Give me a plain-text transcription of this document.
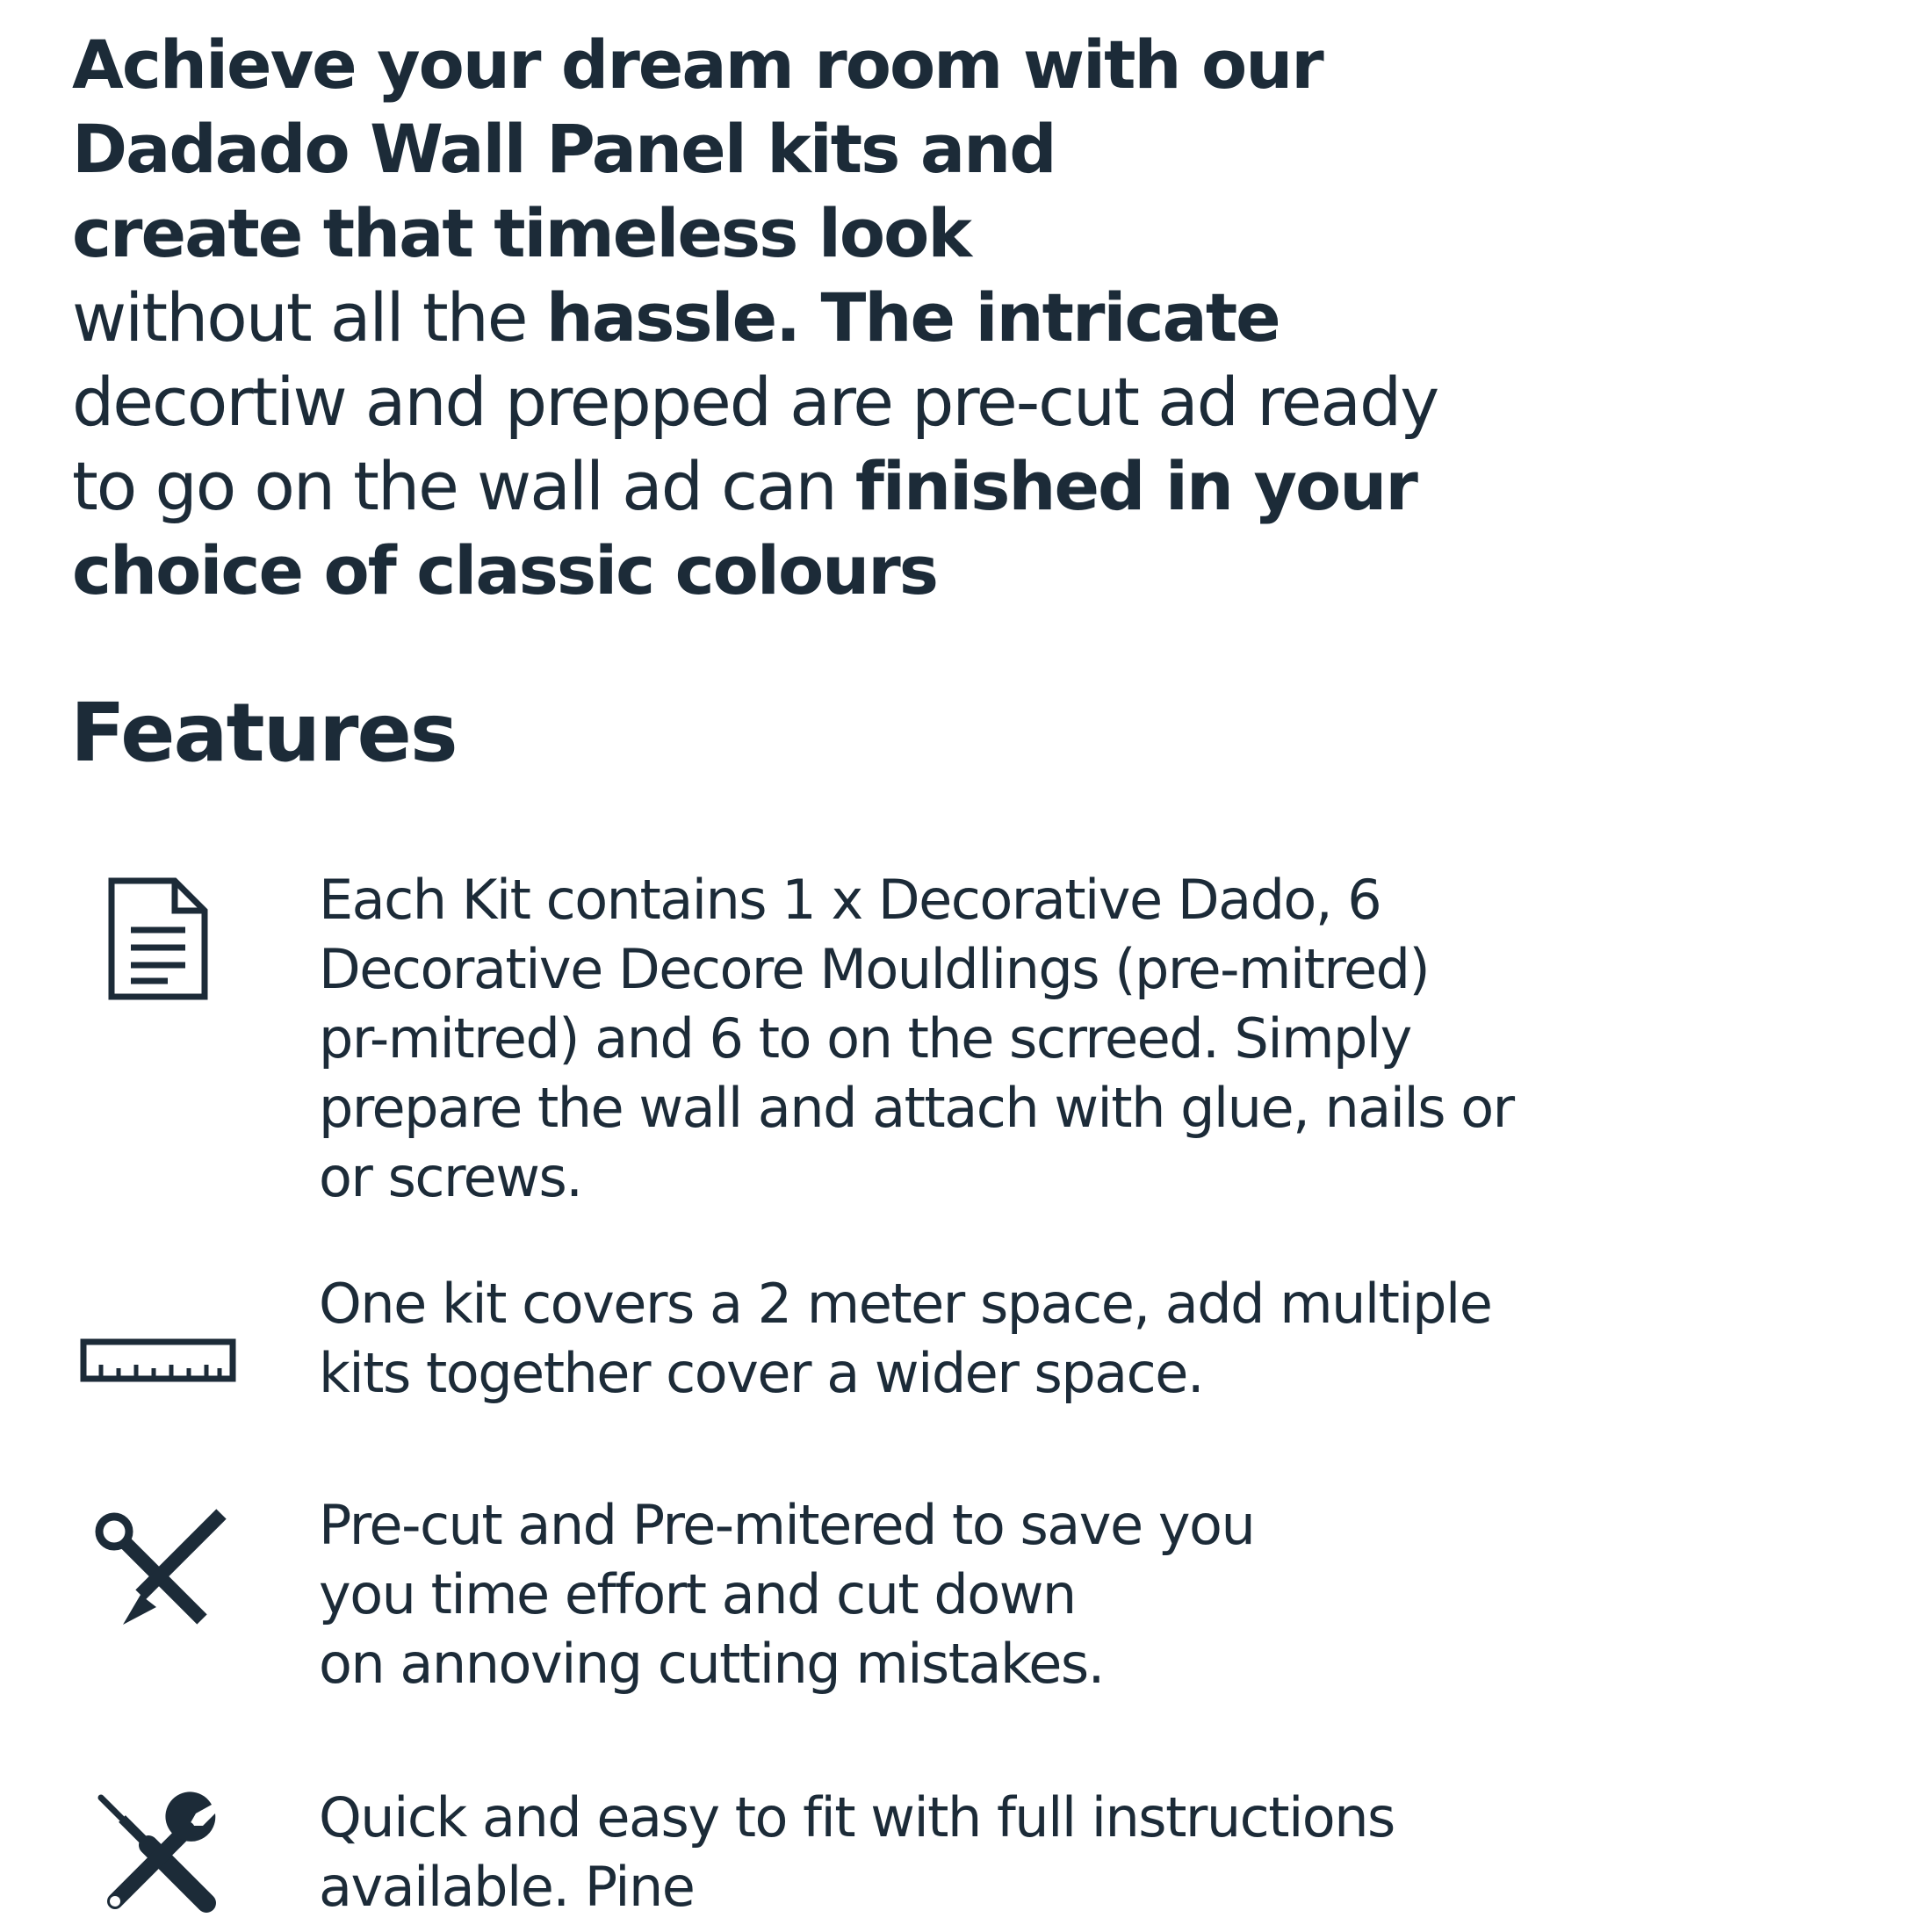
Achieve your dream room with our
Dadado Wall Panel kits and
create that timeless look
without all the hassle. The intricate
decortiw and prepped are pre-cut ad ready
to go on the wall ad can finished in your
choice of classic colours
Features
Each Kit contains 1 x Decorative Dado, 6
Decorative Decore Mouldlings (pre-mitred)
pr-mitred) and 6 to on the scrreed. Simply
prepare the wall and attach with glue, nails or
or screws.
One kit covers a 2 meter space, add multiple
kits together cover a wider space.
Pre-cut and Pre-mitered to save you
you time effort and cut down
on annoving cutting mistakes.
Quick and easy to fit with full instructions
available. Pine
